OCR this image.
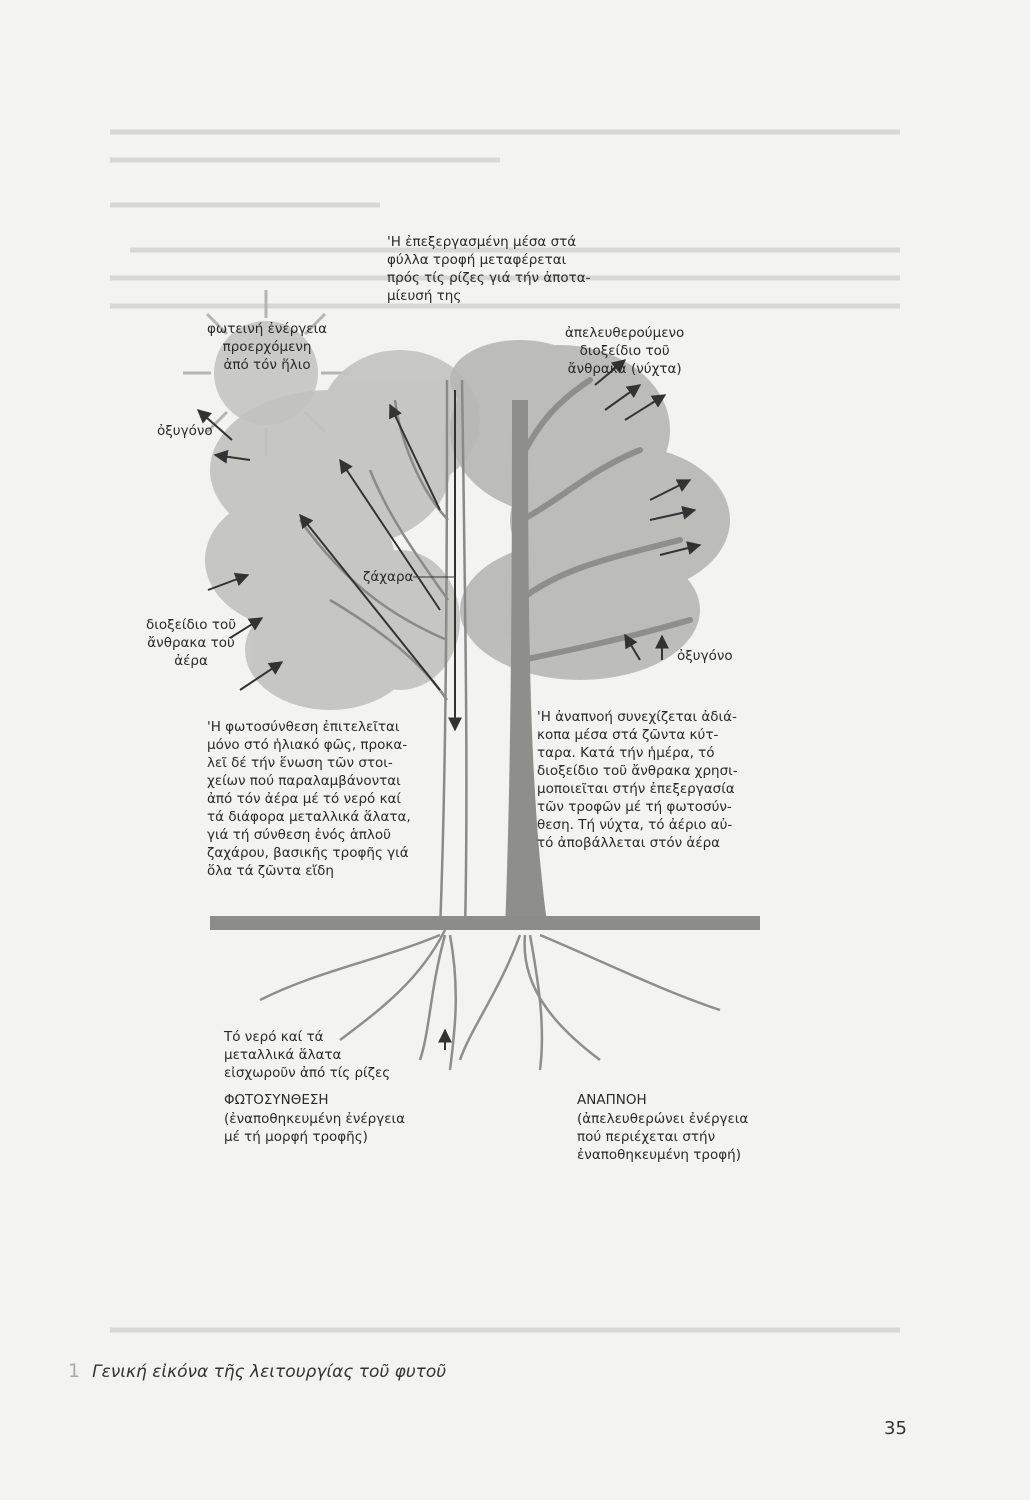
'Η ἐπεξεργασμένη μέσα στά
φύλλα τροφή μεταφέρεται
πρός τίς ρίζες γιά τήν ἀποτα-
μίευσή της
φωτεινή ἐνέργεια
προερχόμενη
ἀπό τόν ἥλιο
ἀπελευθερούμενο
διοξείδιο τοῦ
ἄνθρακα (νύχτα)
ὀξυγόνο
ζάχαρα
διοξείδιο τοῦ
ἄνθρακα τοῦ
ἀέρα	ὀξυγόνο
'Η φωτοσύνθεση ἐπιτελεῖται
μόνο στό ἡλιακό φῶς, προκα-
λεῖ δέ τήν ἕνωση τῶν στοι-
χείων πού παραλαμβάνονται
ἀπό τόν ἀέρα μέ τό νερό καί
τά διάφορα μεταλλικά ἅλατα,
γιά τή σύνθεση ἑνός ἁπλοῦ
ζαχάρου, βασικῆς τροφῆς γιά
ὅλα τά ζῶντα εἴδη
'Η ἀναπνοή συνεχίζεται ἀδιά-
κοπα μέσα στά ζῶντα κύτ-
ταρα. Κατά τήν ἡμέρα, τό
διοξείδιο τοῦ ἄνθρακα χρησι-
μοποιεῖται στήν ἐπεξεργασία
τῶν τροφῶν μέ τή φωτοσύν-
θεση. Τή νύχτα, τό ἀέριο αὐ-
τό ἀποβάλλεται στόν ἀέρα
Τό νερό καί τά
μεταλλικά ἅλατα
εἰσχωροῦν ἀπό τίς ρίζες
ΦΩΤΟΣΥΝΘΕΣΗ
(ἐναποθηκευμένη ἐνέργεια
μέ τή μορφή τροφῆς)
ΑΝΑΠΝΟΗ
(ἀπελευθερώνει ἐνέργεια
πού περιέχεται στήν
ἐναποθηκευμένη τροφή)
1 Γενική εἰκόνα τῆς λειτουργίας τοῦ φυτοῦ
35
